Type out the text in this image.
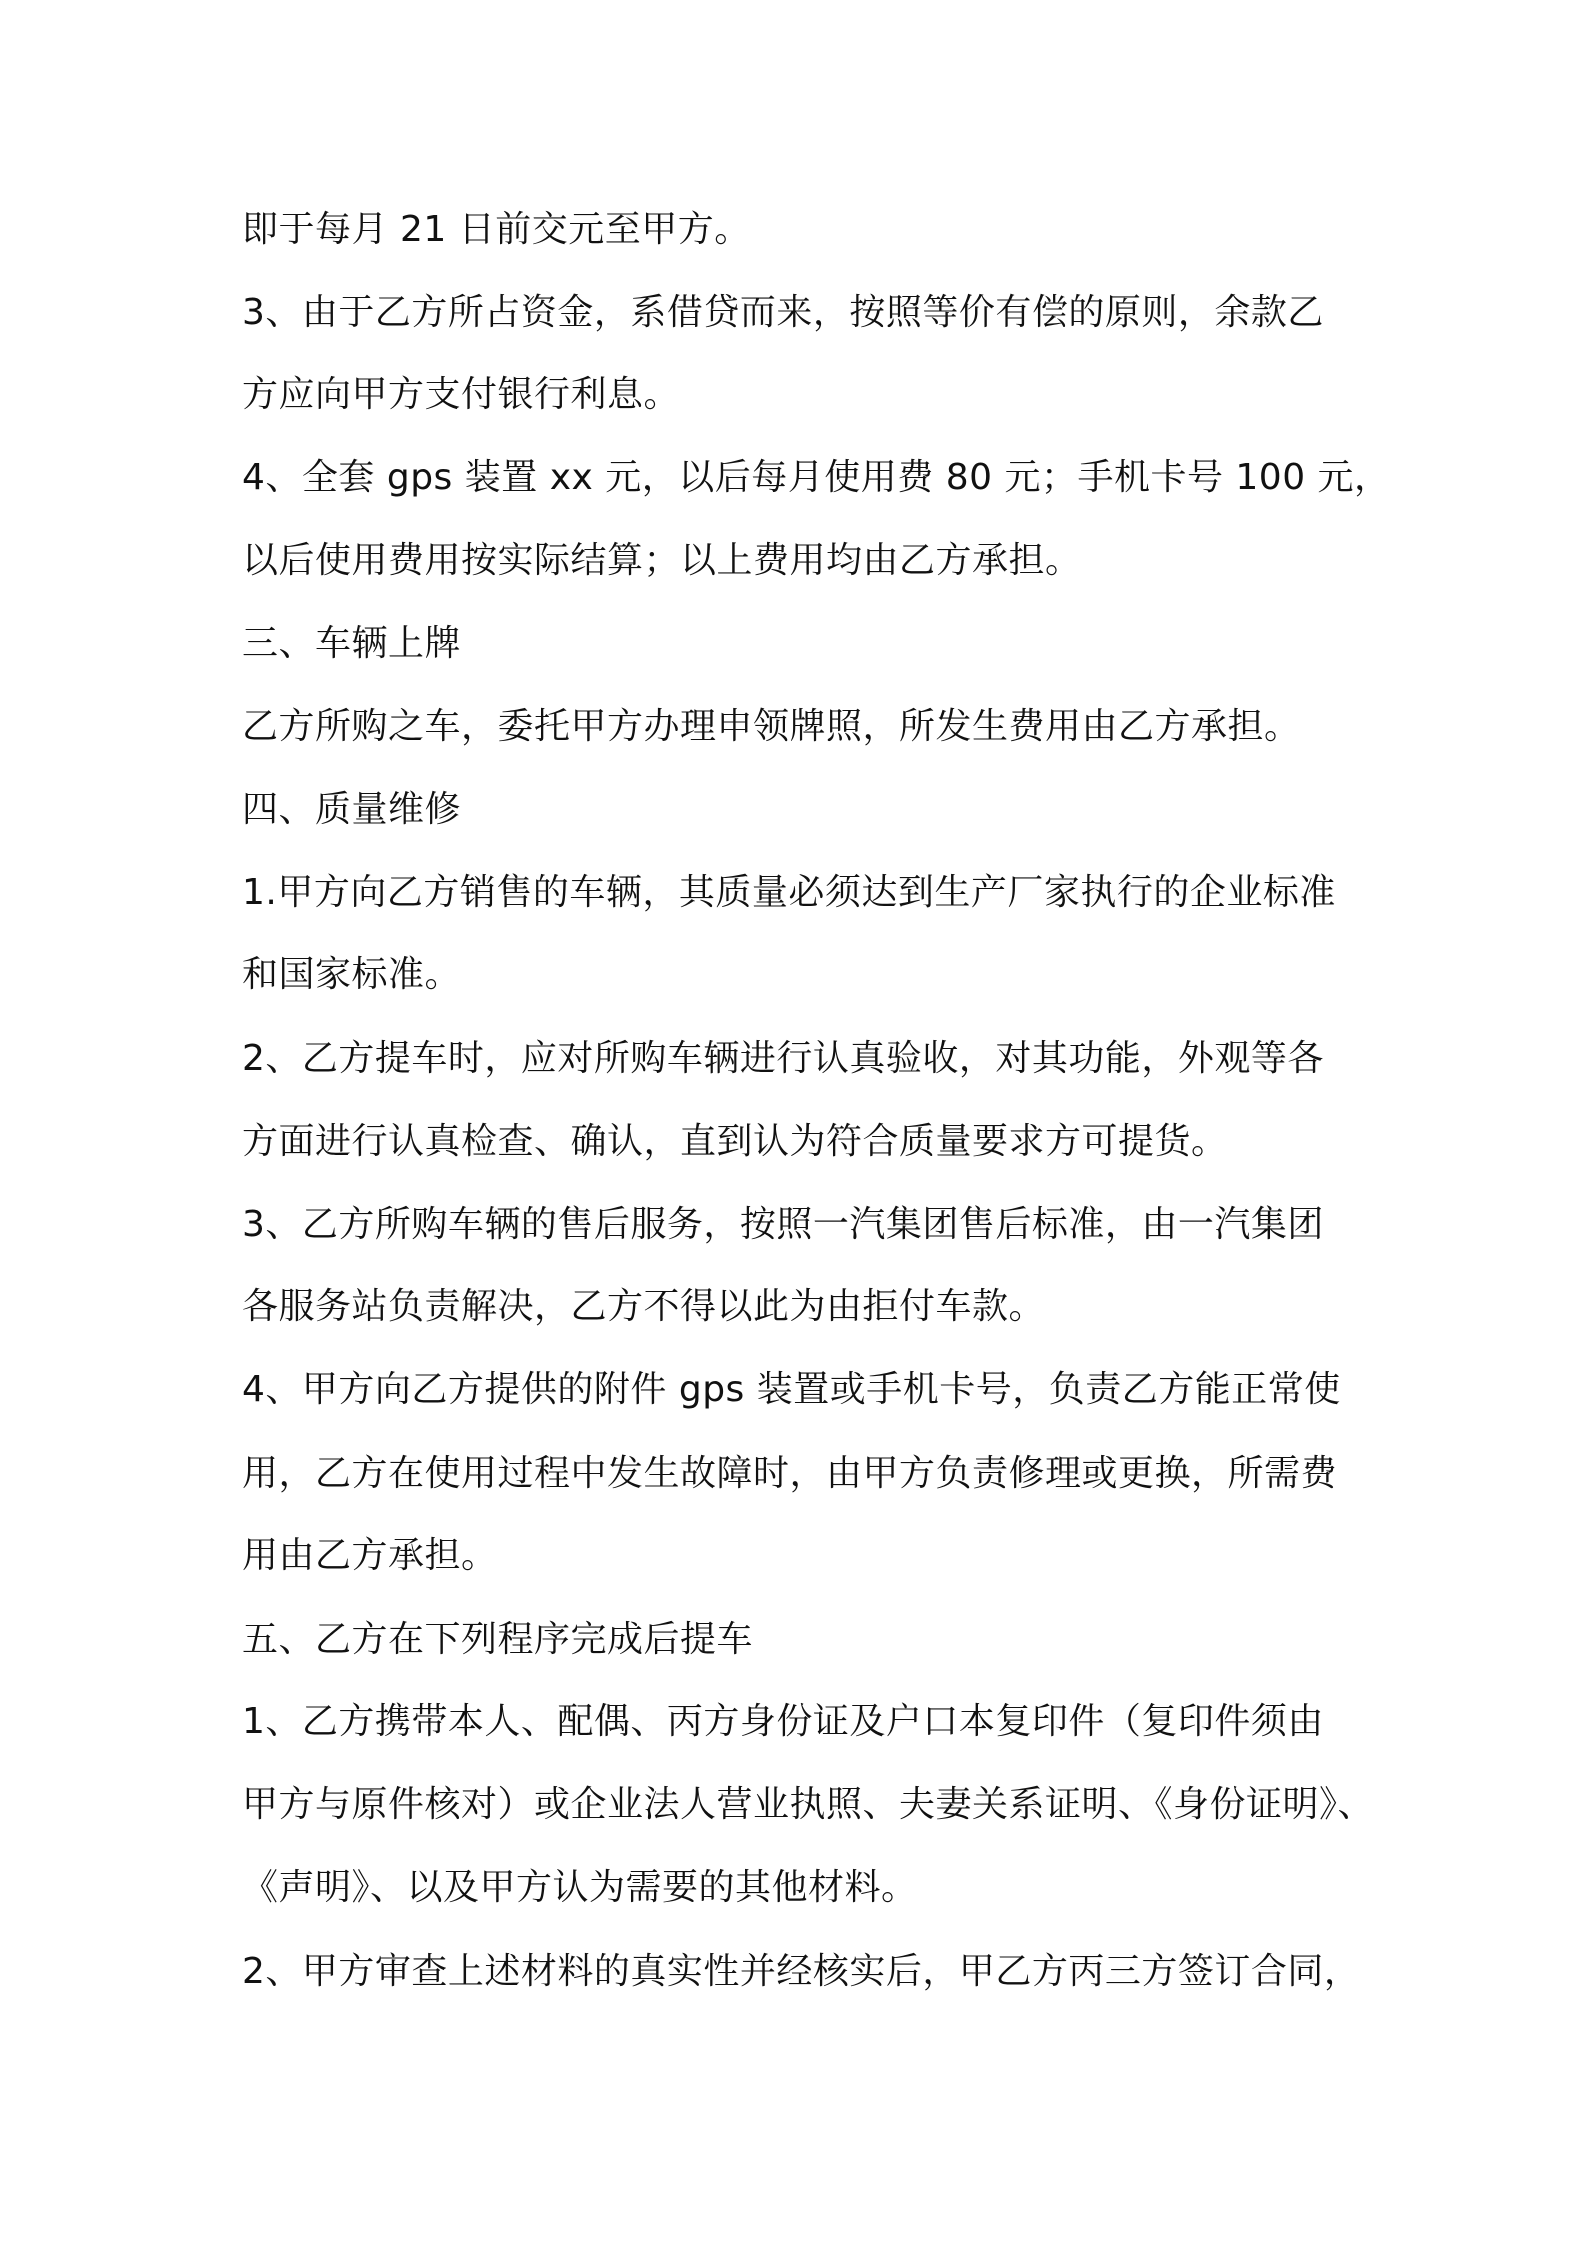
即于每月 21 日前交元至甲方。
3、由于乙方所占资金，系借贷而来，按照等价有偿的原则，余款乙
方应向甲方支付银行利息。
4、全套 gps 装置 xx 元，以后每月使用费 80 元；手机卡号 100 元，
以后使用费用按实际结算；以上费用均由乙方承担。
三、车辆上牌
乙方所购之车，委托甲方办理申领牌照，所发生费用由乙方承担。
四、质量维修
1.甲方向乙方销售的车辆，其质量必须达到生产厂家执行的企业标准
和国家标准。
2、乙方提车时，应对所购车辆进行认真验收，对其功能，外观等各
方面进行认真检查、确认，直到认为符合质量要求方可提货。
3、乙方所购车辆的售后服务，按照一汽集团售后标准，由一汽集团
各服务站负责解决，乙方不得以此为由拒付车款。
4、甲方向乙方提供的附件 gps 装置或手机卡号，负责乙方能正常使
用，乙方在使用过程中发生故障时，由甲方负责修理或更换，所需费
用由乙方承担。
五、乙方在下列程序完成后提车
1、乙方携带本人、配偶、丙方身份证及户口本复印件（复印件须由
甲方与原件核对）或企业法人营业执照、夫妻关系证明、《身份证明》、
《声明》、以及甲方认为需要的其他材料。
2、甲方审查上述材料的真实性并经核实后，甲乙方丙三方签订合同，
